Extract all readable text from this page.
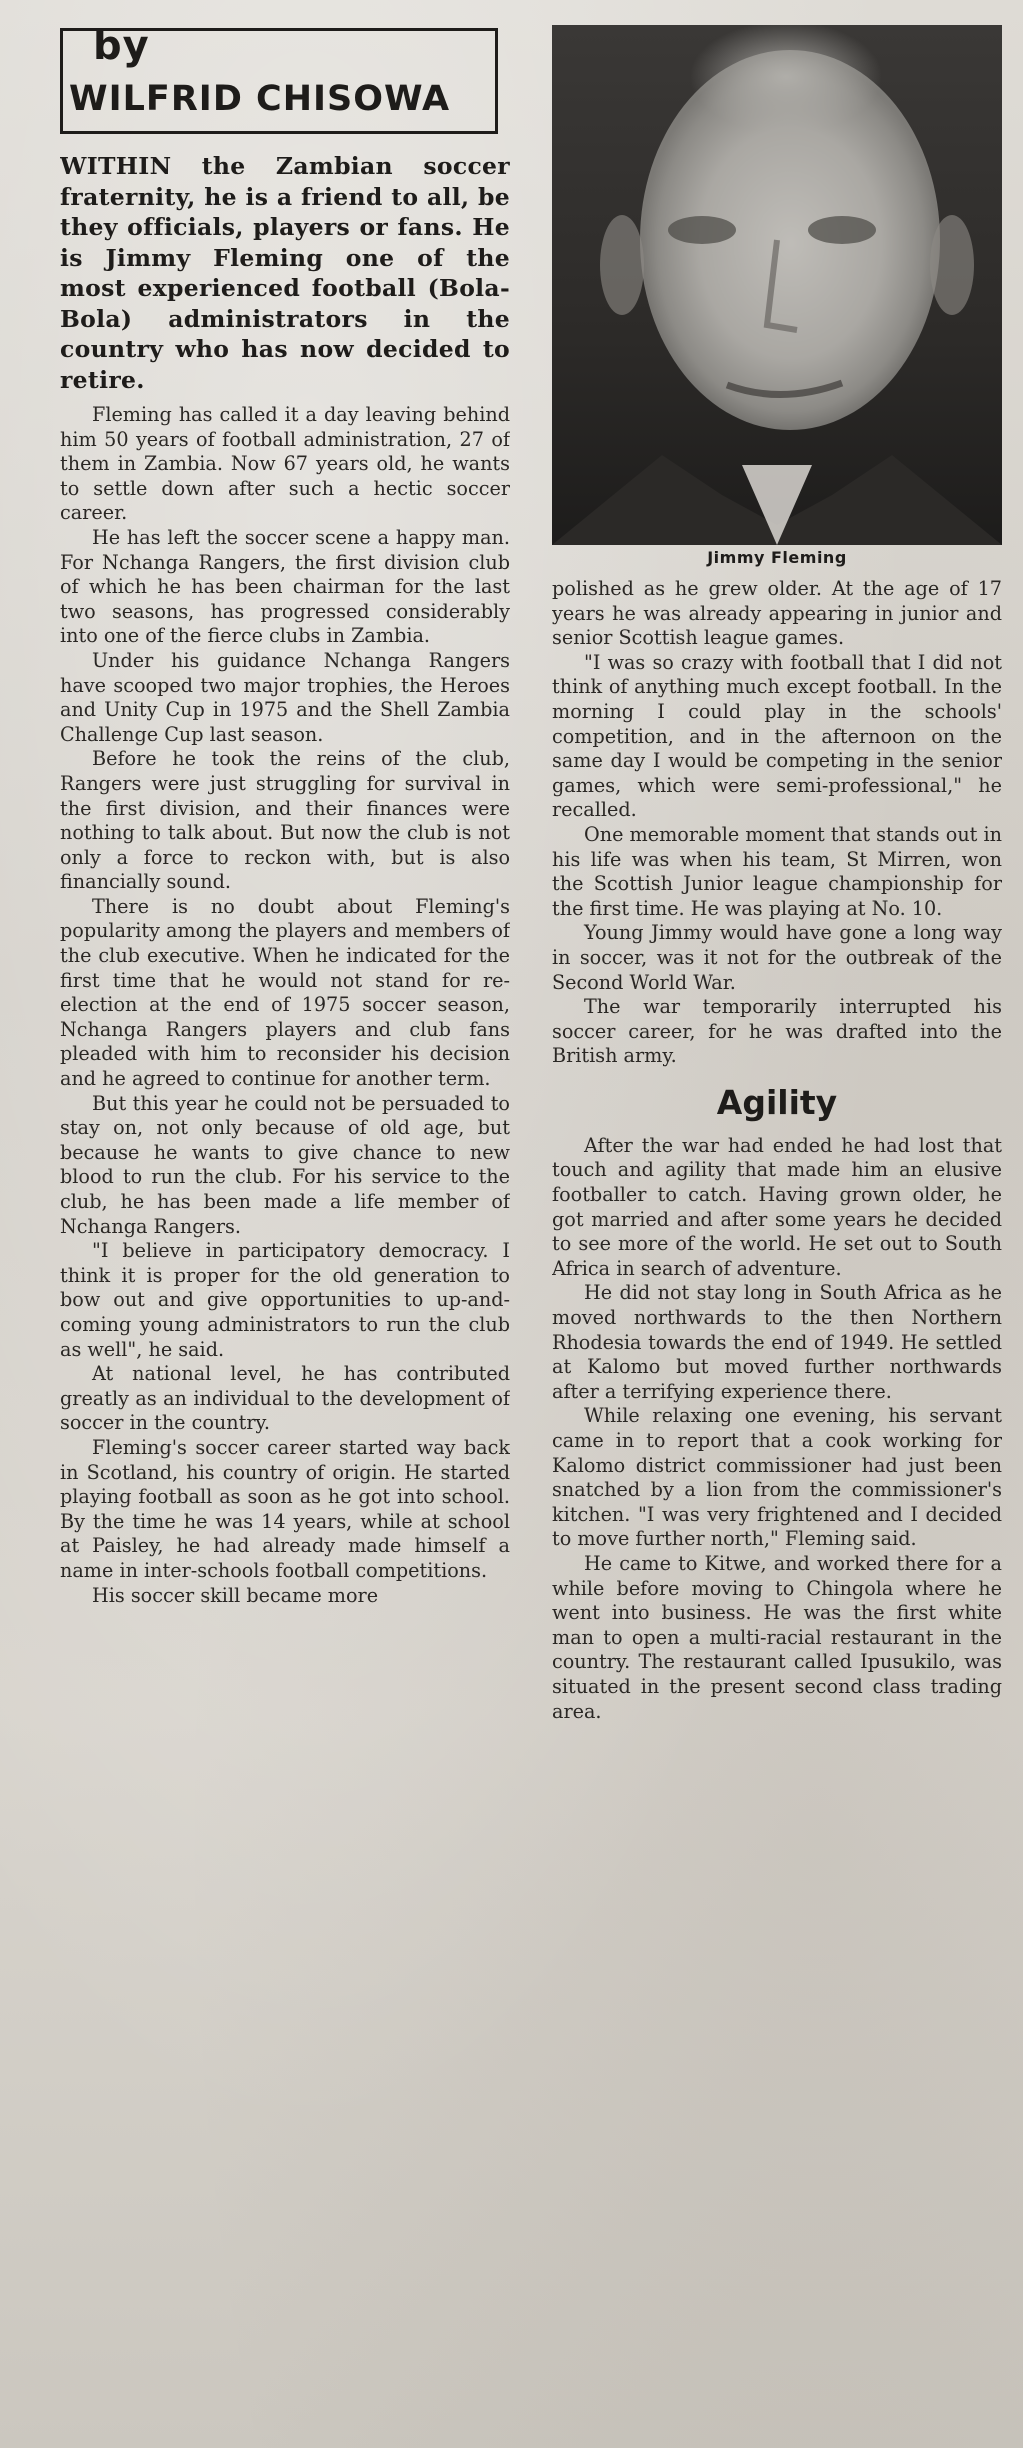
by
WILFRID CHISOWA

WITHIN the Zambian soccer fraternity, he is a friend to all, be they officials, players or fans. He is Jimmy Fleming one of the most experienced football (Bola-Bola) administrators in the country who has now decided to retire.

Fleming has called it a day leaving behind him 50 years of football administration, 27 of them in Zambia. Now 67 years old, he wants to settle down after such a hectic soccer career.

He has left the soccer scene a happy man. For Nchanga Rangers, the first division club of which he has been chairman for the last two seasons, has progressed considerably into one of the fierce clubs in Zambia.

Under his guidance Nchanga Rangers have scooped two major trophies, the Heroes and Unity Cup in 1975 and the Shell Zambia Challenge Cup last season.

Before he took the reins of the club, Rangers were just struggling for survival in the first division, and their finances were nothing to talk about. But now the club is not only a force to reckon with, but is also financially sound.

There is no doubt about Fleming's popularity among the players and members of the club executive. When he indicated for the first time that he would not stand for re-election at the end of 1975 soccer season, Nchanga Rangers players and club fans pleaded with him to reconsider his decision and he agreed to continue for another term.

But this year he could not be persuaded to stay on, not only because of old age, but because he wants to give chance to new blood to run the club. For his service to the club, he has been made a life member of Nchanga Rangers.

"I believe in participatory democracy. I think it is proper for the old generation to bow out and give opportunities to up-and-coming young administrators to run the club as well", he said.

At national level, he has contributed greatly as an individual to the development of soccer in the country.

Fleming's soccer career started way back in Scotland, his country of origin. He started playing football as soon as he got into school. By the time he was 14 years, while at school at Paisley, he had already made himself a name in inter-schools football competitions.

His soccer skill became more

Jimmy Fleming

polished as he grew older. At the age of 17 years he was already appearing in junior and senior Scottish league games.

"I was so crazy with football that I did not think of anything much except football. In the morning I could play in the schools' competition, and in the afternoon on the same day I would be competing in the senior games, which were semi-professional," he recalled.

One memorable moment that stands out in his life was when his team, St Mirren, won the Scottish Junior league championship for the first time. He was playing at No. 10.

Young Jimmy would have gone a long way in soccer, was it not for the outbreak of the Second World War.

The war temporarily interrupted his soccer career, for he was drafted into the British army.

Agility

After the war had ended he had lost that touch and agility that made him an elusive footballer to catch. Having grown older, he got married and after some years he decided to see more of the world. He set out to South Africa in search of adventure.

He did not stay long in South Africa as he moved northwards to the then Northern Rhodesia towards the end of 1949. He settled at Kalomo but moved further northwards after a terrifying experience there.

While relaxing one evening, his servant came in to report that a cook working for Kalomo district commissioner had just been snatched by a lion from the commissioner's kitchen. "I was very frightened and I decided to move further north," Fleming said.

He came to Kitwe, and worked there for a while before moving to Chingola where he went into business. He was the first white man to open a multi-racial restaurant in the country. The restaurant called Ipusukilo, was situated in the present second class trading area.
